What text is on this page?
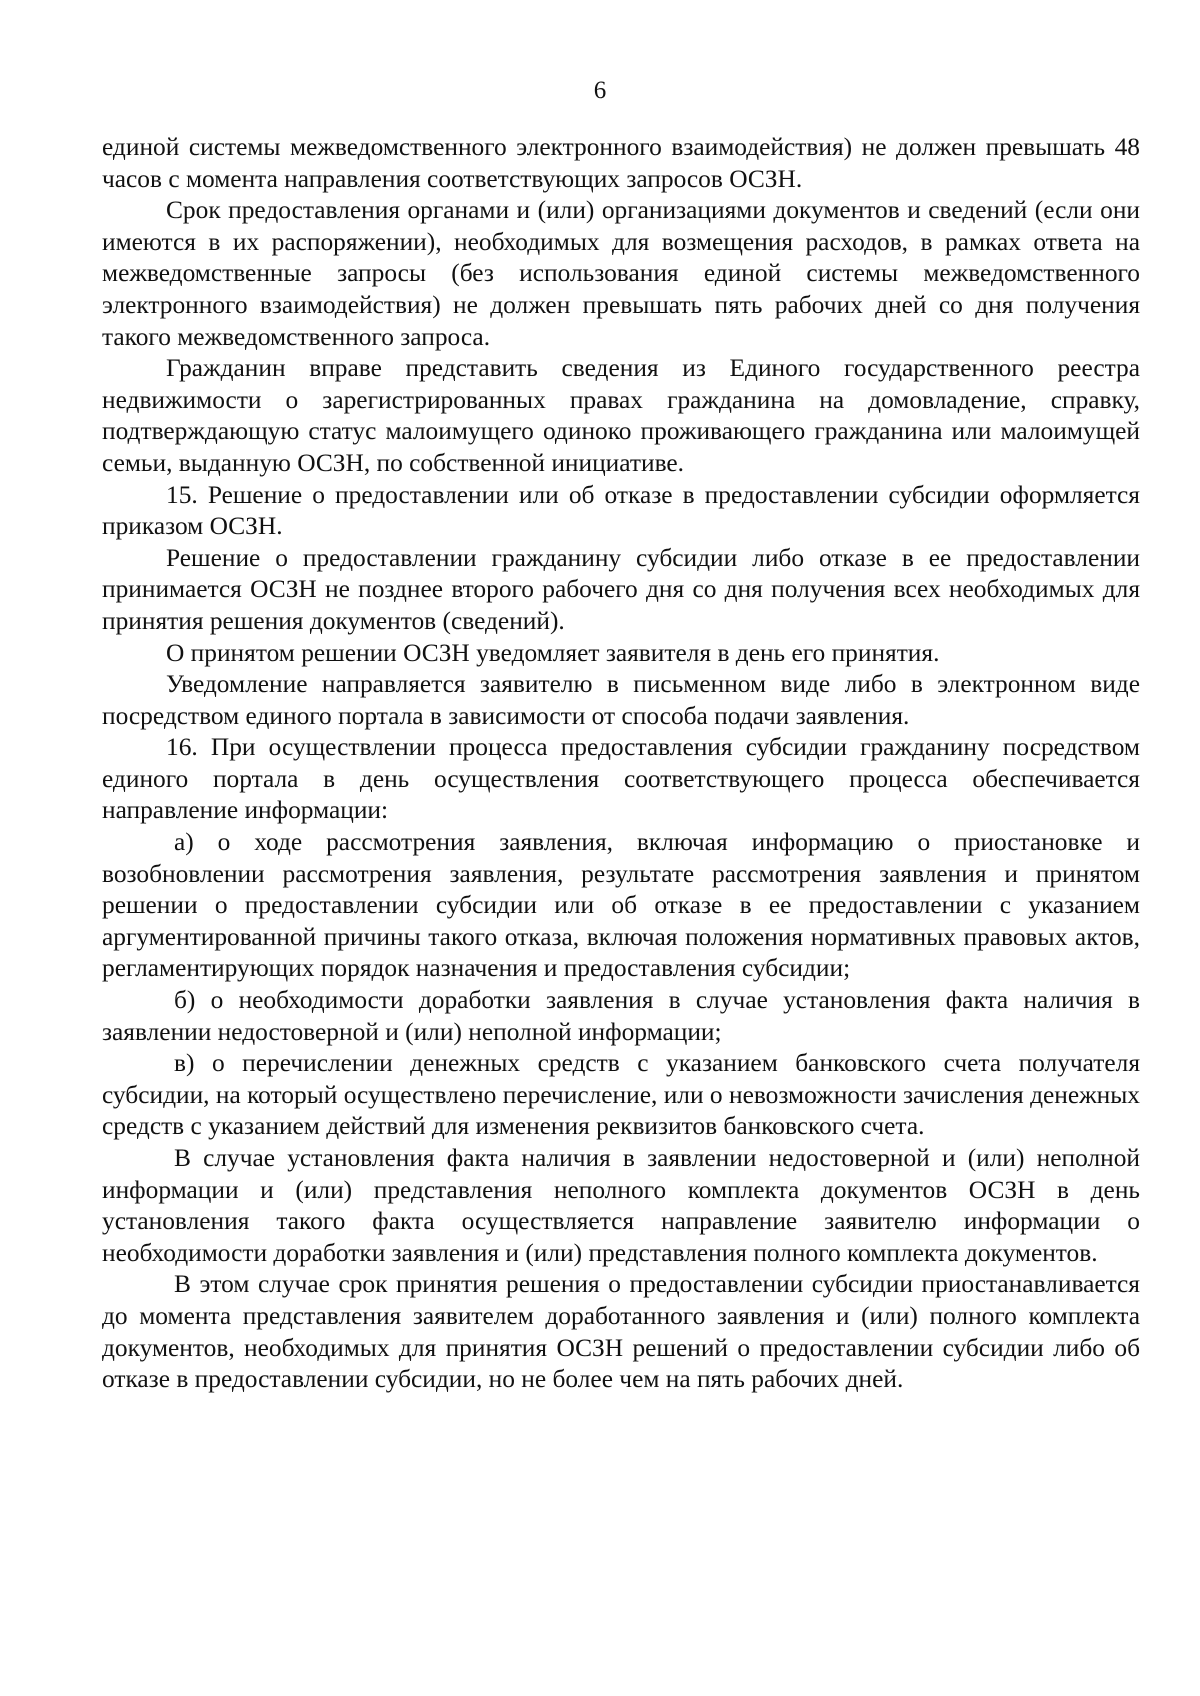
6

единой системы межведомственного электронного взаимодействия) не должен превышать 48 часов с момента направления соответствующих запросов ОСЗН.

Срок предоставления органами и (или) организациями документов и сведений (если они имеются в их распоряжении), необходимых для возмещения расходов, в рамках ответа на межведомственные запросы (без использования единой системы межведомственного электронного взаимодействия) не должен превышать пять рабочих дней со дня получения такого межведомственного запроса.

Гражданин вправе представить сведения из Единого государственного реестра недвижимости о зарегистрированных правах гражданина на домовладение, справку, подтверждающую статус малоимущего одиноко проживающего гражданина или малоимущей семьи, выданную ОСЗН, по собственной инициативе.

15. Решение о предоставлении или об отказе в предоставлении субсидии оформляется приказом ОСЗН.

Решение о предоставлении гражданину субсидии либо отказе в ее предоставлении принимается ОСЗН не позднее второго рабочего дня со дня получения всех необходимых для принятия решения документов (сведений).

О принятом решении ОСЗН уведомляет заявителя в день его принятия.

Уведомление направляется заявителю в письменном виде либо в электронном виде посредством единого портала в зависимости от способа подачи заявления.

16. При осуществлении процесса предоставления субсидии гражданину посредством единого портала в день осуществления соответствующего процесса обеспечивается направление информации:

а) о ходе рассмотрения заявления, включая информацию о приостановке и возобновлении рассмотрения заявления, результате рассмотрения заявления и принятом решении о предоставлении субсидии или об отказе в ее предоставлении с указанием аргументированной причины такого отказа, включая положения нормативных правовых актов, регламентирующих порядок назначения и предоставления субсидии;

б) о необходимости доработки заявления в случае установления факта наличия в заявлении недостоверной и (или) неполной информации;

в) о перечислении денежных средств с указанием банковского счета получателя субсидии, на который осуществлено перечисление, или о невозможности зачисления денежных средств с указанием действий для изменения реквизитов банковского счета.

В случае установления факта наличия в заявлении недостоверной и (или) неполной информации и (или) представления неполного комплекта документов ОСЗН в день установления такого факта осуществляется направление заявителю информации о необходимости доработки заявления и (или) представления полного комплекта документов.

В этом случае срок принятия решения о предоставлении субсидии приостанавливается до момента представления заявителем доработанного заявления и (или) полного комплекта документов, необходимых для принятия ОСЗН решений о предоставлении субсидии либо об отказе в предоставлении субсидии, но не более чем на пять рабочих дней.
